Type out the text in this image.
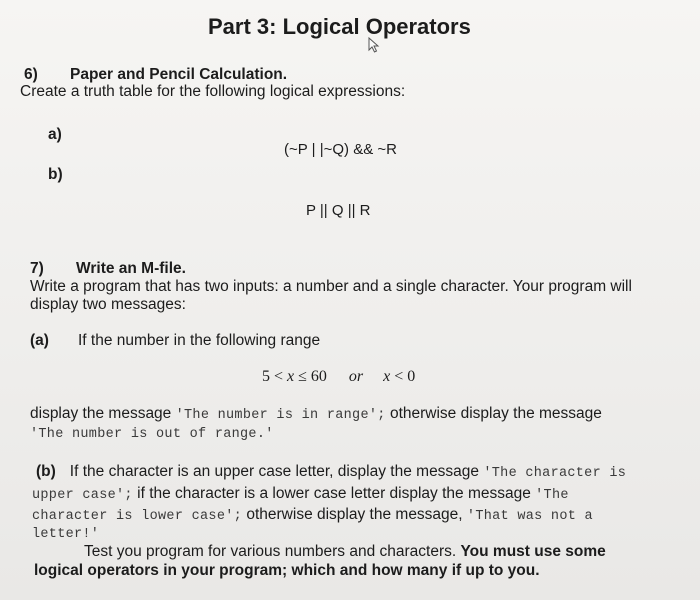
Part 3: Logical Operators
6) Paper and Pencil Calculation.
Create a truth table for the following logical expressions:
a)
(~P | |~Q) && ~R
b)
P || Q || R
7) Write an M-file.
Write a program that has two inputs: a number and a single character. Your program will
display two messages:
(a) If the number in the following range
5 < x ≤ 60 or x < 0
display the message 'The number is in range'; otherwise display the message
'The number is out of range.'
(b) If the character is an upper case letter, display the message 'The character is
upper case'; if the character is a lower case letter display the message 'The
character is lower case'; otherwise display the message, 'That was not a
letter!'
Test you program for various numbers and characters. You must use some
logical operators in your program; which and how many if up to you.
